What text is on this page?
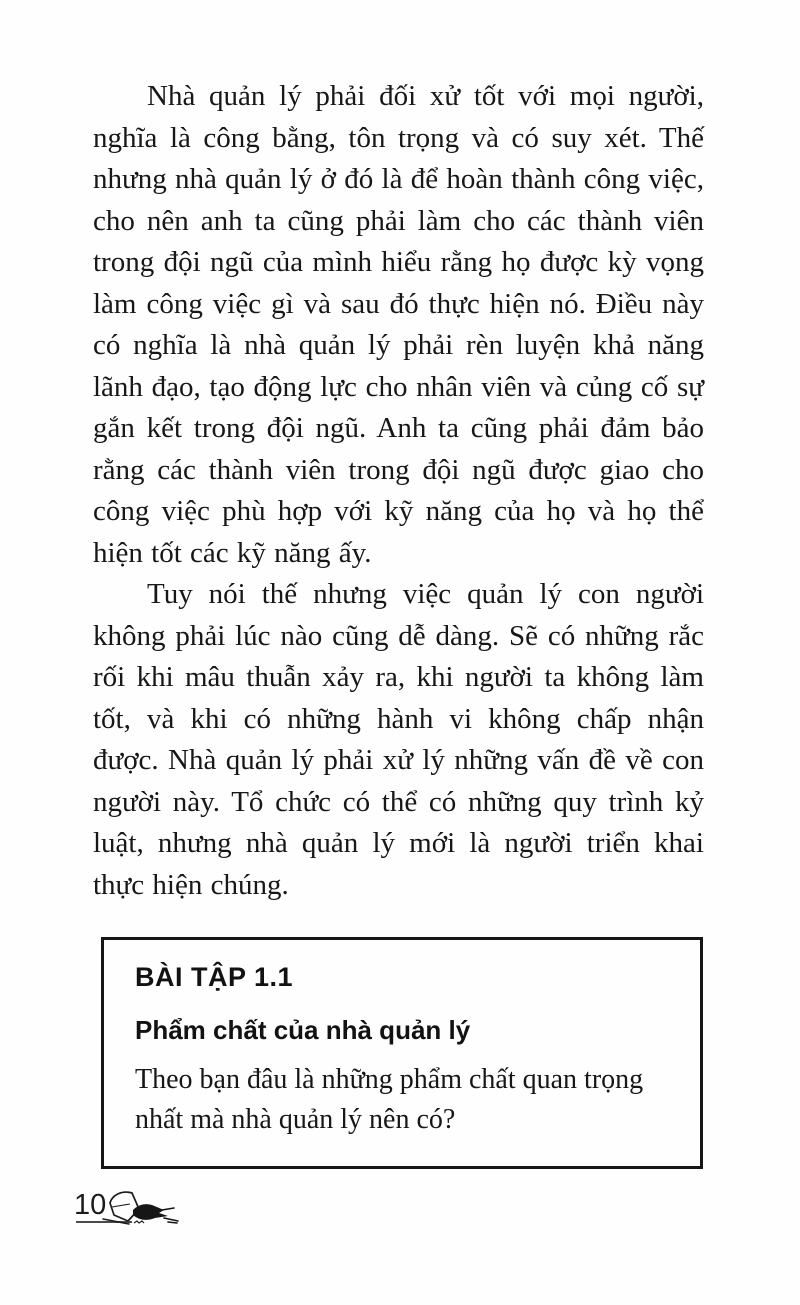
Nhà quản lý phải đối xử tốt với mọi người, nghĩa là công bằng, tôn trọng và có suy xét. Thế nhưng nhà quản lý ở đó là để hoàn thành công việc, cho nên anh ta cũng phải làm cho các thành viên trong đội ngũ của mình hiểu rằng họ được kỳ vọng làm công việc gì và sau đó thực hiện nó. Điều này có nghĩa là nhà quản lý phải rèn luyện khả năng lãnh đạo, tạo động lực cho nhân viên và củng cố sự gắn kết trong đội ngũ. Anh ta cũng phải đảm bảo rằng các thành viên trong đội ngũ được giao cho công việc phù hợp với kỹ năng của họ và họ thể hiện tốt các kỹ năng ấy.

Tuy nói thế nhưng việc quản lý con người không phải lúc nào cũng dễ dàng. Sẽ có những rắc rối khi mâu thuẫn xảy ra, khi người ta không làm tốt, và khi có những hành vi không chấp nhận được. Nhà quản lý phải xử lý những vấn đề về con người này. Tổ chức có thể có những quy trình kỷ luật, nhưng nhà quản lý mới là người triển khai thực hiện chúng.

BÀI TẬP 1.1
Phẩm chất của nhà quản lý

Theo bạn đâu là những phẩm chất quan trọng nhất mà nhà quản lý nên có?

10
